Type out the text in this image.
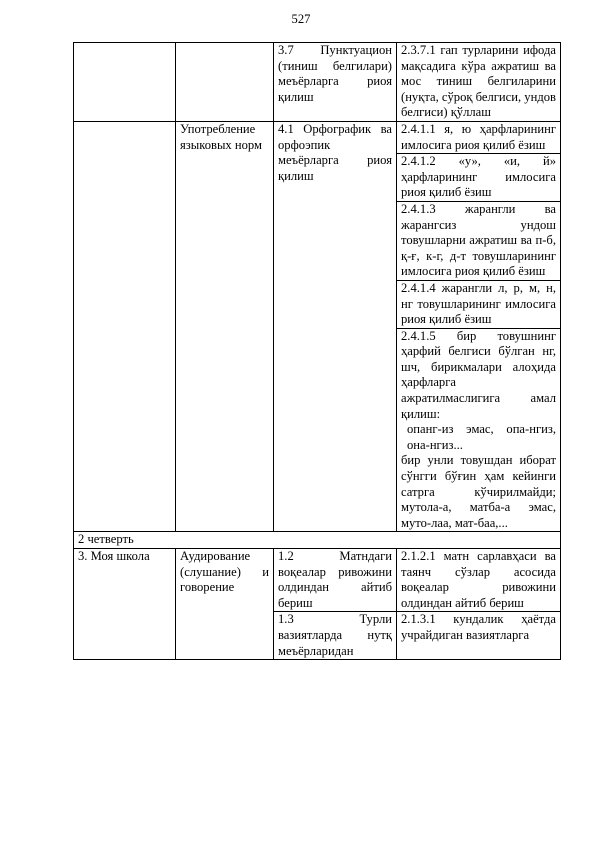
527
		3.7 Пунктуацион (тиниш белгилари) меъёрларга риоя қилиш	2.3.7.1 гап турларини ифода мақсадига кўра ажратиш ва мос тиниш белгиларини (нуқта, сўроқ белгиси, ундов белгиси) қўллаш
	Употребление языковых норм	4.1 Орфографик ва орфоэпик меъёрларга риоя қилиш	2.4.1.1 я, ю ҳарфларининг имлосига риоя қилиб ёзиш
			2.4.1.2 «у», «и, й» ҳарфларининг имлосига риоя қилиб ёзиш
			2.4.1.3 жарангли ва жарангсиз ундош товушларни ажратиш ва п-б, қ-ғ, к-г, д-т товушларининг имлосига риоя қилиб ёзиш
			2.4.1.4 жарангли л, р, м, н, нг товушларининг имлосига риоя қилиб ёзиш

			2.4.1.5 бир товушнинг ҳарфий белгиси бўлган нг, шч, бирикмалари алоҳида ҳарфларга ажратилмаслигига амал қилиш:
опанг-из эмас, опа-нгиз, она-нгиз...
бир унли товушдан иборат сўнгги бўғин ҳам кейинги сатрга кўчирилмайди; мутола-а, матба-а эмас, муто-лаа, мат-баа,...

2 четверть			
3. Моя школа	Аудирование (слушание) и говорение	1.2 Матндаги воқеалар ривожини олдиндан айтиб бериш	2.1.2.1 матн сарлавҳаси ва таянч сўзлар асосида воқеалар ривожини олдиндан айтиб бериш
		1.3 Турли вазиятларда нутқ меъёрларидан	2.1.3.1 кундалик ҳаётда учрайдиган вазиятларга
